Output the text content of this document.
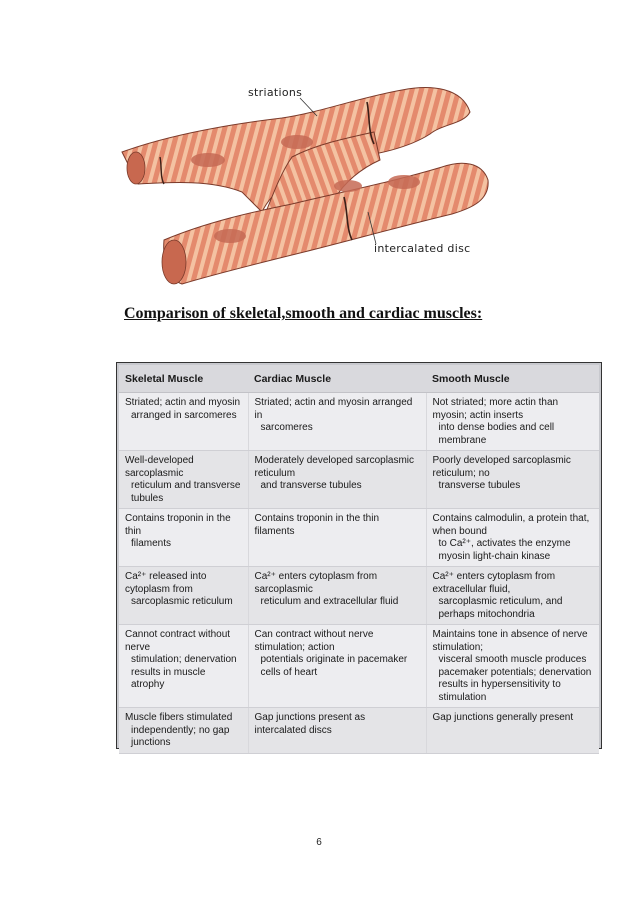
striations
intercalated disc
Comparison of skeletal,smooth and cardiac muscles:
Skeletal Muscle	Cardiac Muscle	Smooth Muscle

Striated; actin and myosin
arranged in sarcomeres	Striated; actin and myosin arranged in
sarcomeres	Not striated; more actin than myosin; actin inserts
into dense bodies and cell membrane

Well-developed sarcoplasmic
reticulum and transverse tubules	Moderately developed sarcoplasmic reticulum
and transverse tubules	Poorly developed sarcoplasmic reticulum; no
transverse tubules

Contains troponin in the thin
filaments	Contains troponin in the thin filaments	Contains calmodulin, a protein that, when bound
to Ca²⁺, activates the enzyme myosin light-chain kinase

Ca²⁺ released into cytoplasm from
sarcoplasmic reticulum	Ca²⁺ enters cytoplasm from sarcoplasmic
reticulum and extracellular fluid	Ca²⁺ enters cytoplasm from extracellular fluid,
sarcoplasmic reticulum, and perhaps mitochondria

Cannot contract without nerve
stimulation; denervation results in muscle atrophy	Can contract without nerve stimulation; action
potentials originate in pacemaker cells of heart	Maintains tone in absence of nerve stimulation;
visceral smooth muscle produces pacemaker potentials; denervation results in hypersensitivity to stimulation

Muscle fibers stimulated
independently; no gap junctions	Gap junctions present as intercalated discs	Gap junctions generally present
6
